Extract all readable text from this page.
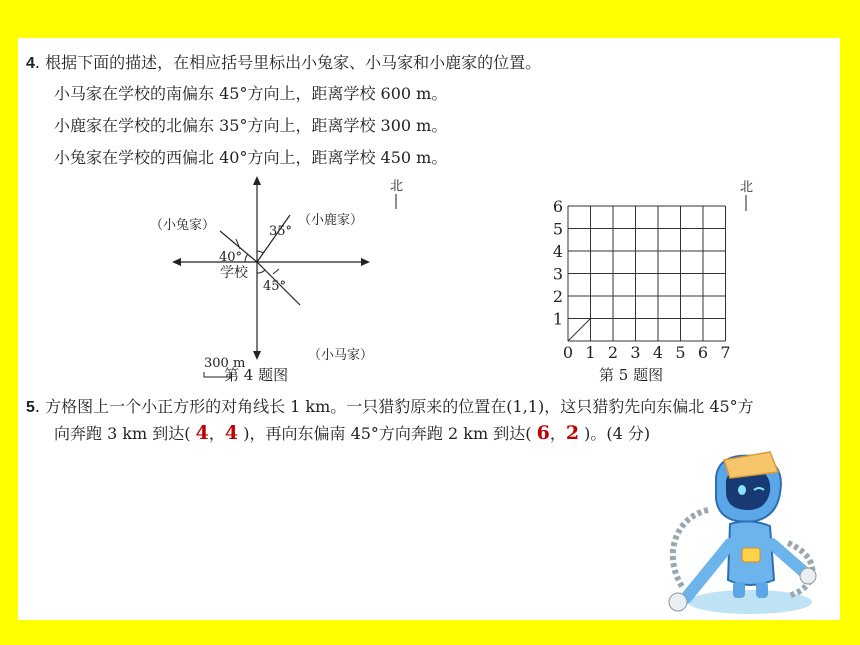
4. 根据下面的描述，在相应括号里标出小兔家、小马家和小鹿家的位置。
小马家在学校的南偏东 45°方向上，距离学校 600 m。
小鹿家在学校的北偏东 35°方向上，距离学校 300 m。
小兔家在学校的西偏北 40°方向上，距离学校 450 m。
（小兔家）	（小鹿家）
（小马家）
40°
35°
45°
学校
北
300 m
第 4 题图
北
0 1 2 3 4 5 6 7
1
2
3
4
5
6
第 5 题图
5. 方格图上一个小正方形的对角线长 1 km。一只猎豹原来的位置在(1,1)，这只猎豹先向东偏北 45°方
向奔跑 3 km 到达( 4，4 )，再向东偏南 45°方向奔跑 2 km 到达( 6，2 )。(4 分)
